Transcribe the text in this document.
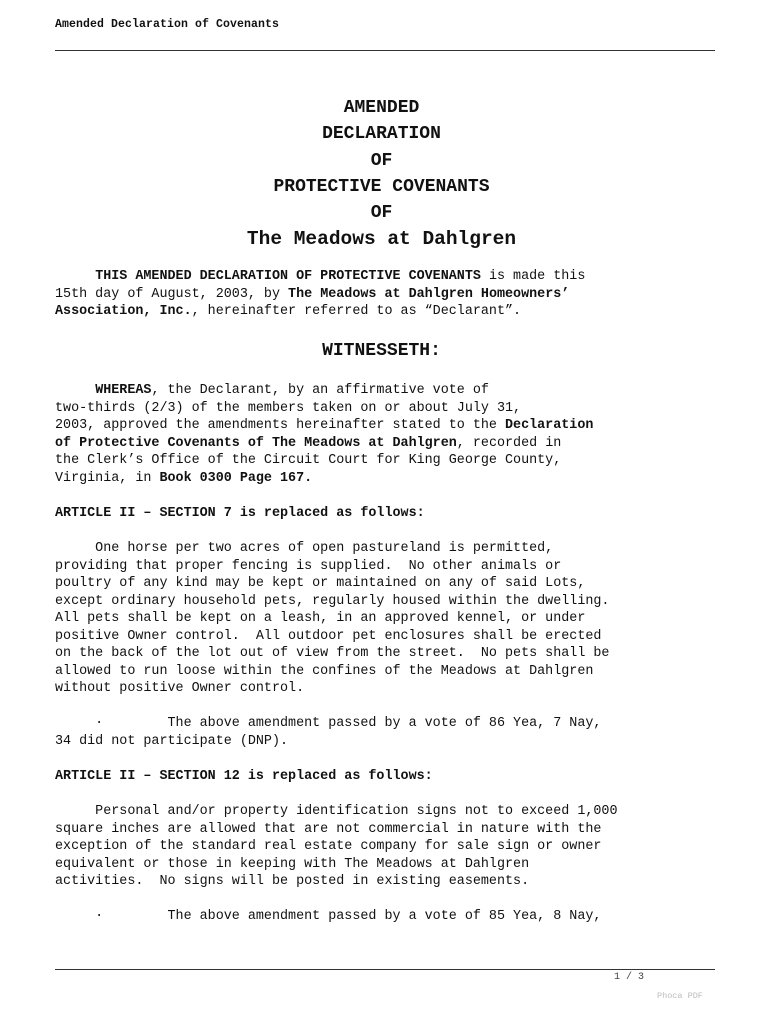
Amended Declaration of Covenants
AMENDED
DECLARATION
OF
PROTECTIVE COVENANTS
OF
The Meadows at Dahlgren
THIS AMENDED DECLARATION OF PROTECTIVE COVENANTS is made this
15th day of August, 2003, by The Meadows at Dahlgren Homeowners’
Association, Inc., hereinafter referred to as “Declarant”.
WITNESSETH:
WHEREAS, the Declarant, by an affirmative vote of
two-thirds (2/3) of the members taken on or about July 31,
2003, approved the amendments hereinafter stated to the Declaration
of Protective Covenants of The Meadows at Dahlgren, recorded in
the Clerk’s Office of the Circuit Court for King George County,
Virginia, in Book 0300 Page 167.
ARTICLE II – SECTION 7 is replaced as follows:
One horse per two acres of open pastureland is permitted,
providing that proper fencing is supplied.  No other animals or
poultry of any kind may be kept or maintained on any of said Lots,
except ordinary household pets, regularly housed within the dwelling.
All pets shall be kept on a leash, in an approved kennel, or under
positive Owner control.  All outdoor pet enclosures shall be erected
on the back of the lot out of view from the street.  No pets shall be
allowed to run loose within the confines of the Meadows at Dahlgren
without positive Owner control.
·        The above amendment passed by a vote of 86 Yea, 7 Nay,
34 did not participate (DNP).
ARTICLE II – SECTION 12 is replaced as follows:
Personal and/or property identification signs not to exceed 1,000
square inches are allowed that are not commercial in nature with the
exception of the standard real estate company for sale sign or owner
equivalent or those in keeping with The Meadows at Dahlgren
activities.  No signs will be posted in existing easements.
·        The above amendment passed by a vote of 85 Yea, 8 Nay,
1 / 3
Phoca PDF
